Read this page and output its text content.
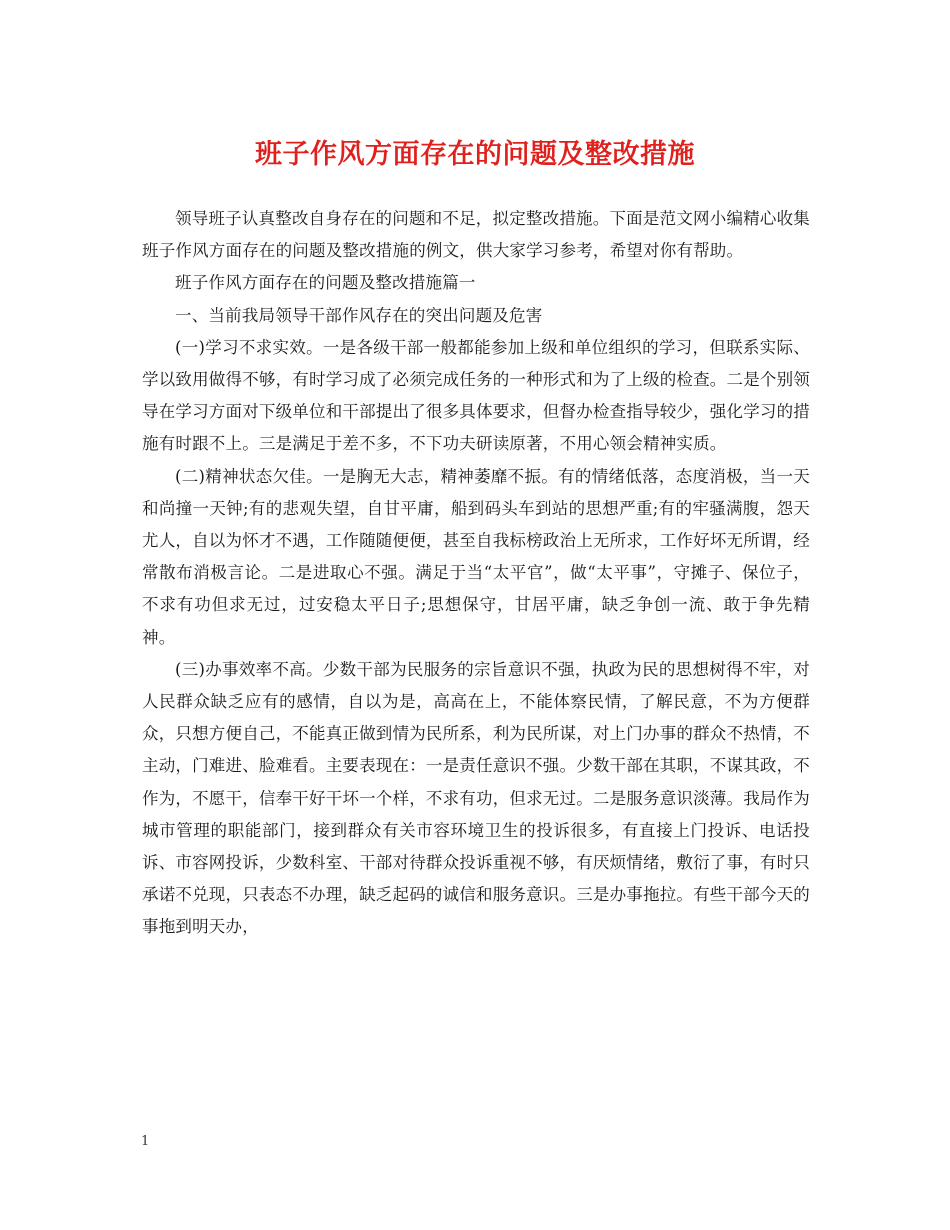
班子作风方面存在的问题及整改措施

领导班子认真整改自身存在的问题和不足，拟定整改措施。下面是范文网小编精心收集班子作风方面存在的问题及整改措施的例文，供大家学习参考，希望对你有帮助。

班子作风方面存在的问题及整改措施篇一

一、当前我局领导干部作风存在的突出问题及危害

(一)学习不求实效。一是各级干部一般都能参加上级和单位组织的学习，但联系实际、学以致用做得不够，有时学习成了必须完成任务的一种形式和为了上级的检查。二是个别领导在学习方面对下级单位和干部提出了很多具体要求，但督办检查指导较少，强化学习的措施有时跟不上。三是满足于差不多，不下功夫研读原著，不用心领会精神实质。

(二)精神状态欠佳。一是胸无大志，精神萎靡不振。有的情绪低落，态度消极，当一天和尚撞一天钟;有的悲观失望，自甘平庸，船到码头车到站的思想严重;有的牢骚满腹，怨天尤人，自以为怀才不遇，工作随随便便，甚至自我标榜政治上无所求，工作好坏无所谓，经常散布消极言论。二是进取心不强。满足于当“太平官”，做“太平事”，守摊子、保位子，不求有功但求无过，过安稳太平日子;思想保守，甘居平庸，缺乏争创一流、敢于争先精神。

(三)办事效率不高。少数干部为民服务的宗旨意识不强，执政为民的思想树得不牢，对人民群众缺乏应有的感情，自以为是，高高在上，不能体察民情，了解民意，不为方便群众，只想方便自己，不能真正做到情为民所系，利为民所谋，对上门办事的群众不热情，不主动，门难进、脸难看。主要表现在：一是责任意识不强。少数干部在其职，不谋其政，不作为，不愿干，信奉干好干坏一个样，不求有功，但求无过。二是服务意识淡薄。我局作为城市管理的职能部门，接到群众有关市容环境卫生的投诉很多，有直接上门投诉、电话投诉、市容网投诉，少数科室、干部对待群众投诉重视不够，有厌烦情绪，敷衍了事，有时只承诺不兑现，只表态不办理，缺乏起码的诚信和服务意识。三是办事拖拉。有些干部今天的事拖到明天办，

1
